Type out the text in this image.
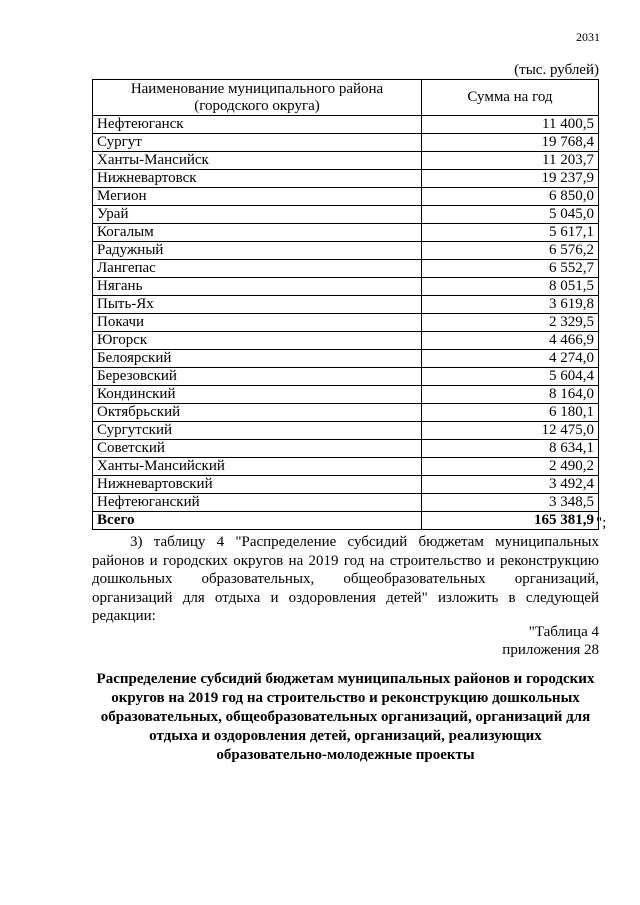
2031
(тыс. рублей)
Наименование муниципального района (городского округа)	Сумма на год
Нефтеюганск	11 400,5
Сургут	19 768,4
Ханты-Мансийск	11 203,7
Нижневартовск	19 237,9
Мегион	6 850,0
Урай	5 045,0
Когалым	5 617,1
Радужный	6 576,2
Лангепас	6 552,7
Нягань	8 051,5
Пыть-Ях	3 619,8
Покачи	2 329,5
Югорск	4 466,9
Белоярский	4 274,0
Березовский	5 604,4
Кондинский	8 164,0
Октябрьский	6 180,1
Сургутский	12 475,0
Советский	8 634,1
Ханты-Мансийский	2 490,2
Нижневартовский	3 492,4
Нефтеюганский	3 348,5
Всего	165 381,9 ";
3) таблицу 4 "Распределение субсидий бюджетам муниципальных районов и городских округов на 2019 год на строительство и реконструкцию дошкольных образовательных, общеобразовательных организаций, организаций для отдыха и оздоровления детей" изложить в следующей редакции:
"Таблица 4
приложения 28
Распределение субсидий бюджетам муниципальных районов и городских округов на 2019 год на строительство и реконструкцию дошкольных образовательных, общеобразовательных организаций, организаций для отдыха и оздоровления детей, организаций, реализующих образовательно-молодежные проекты
